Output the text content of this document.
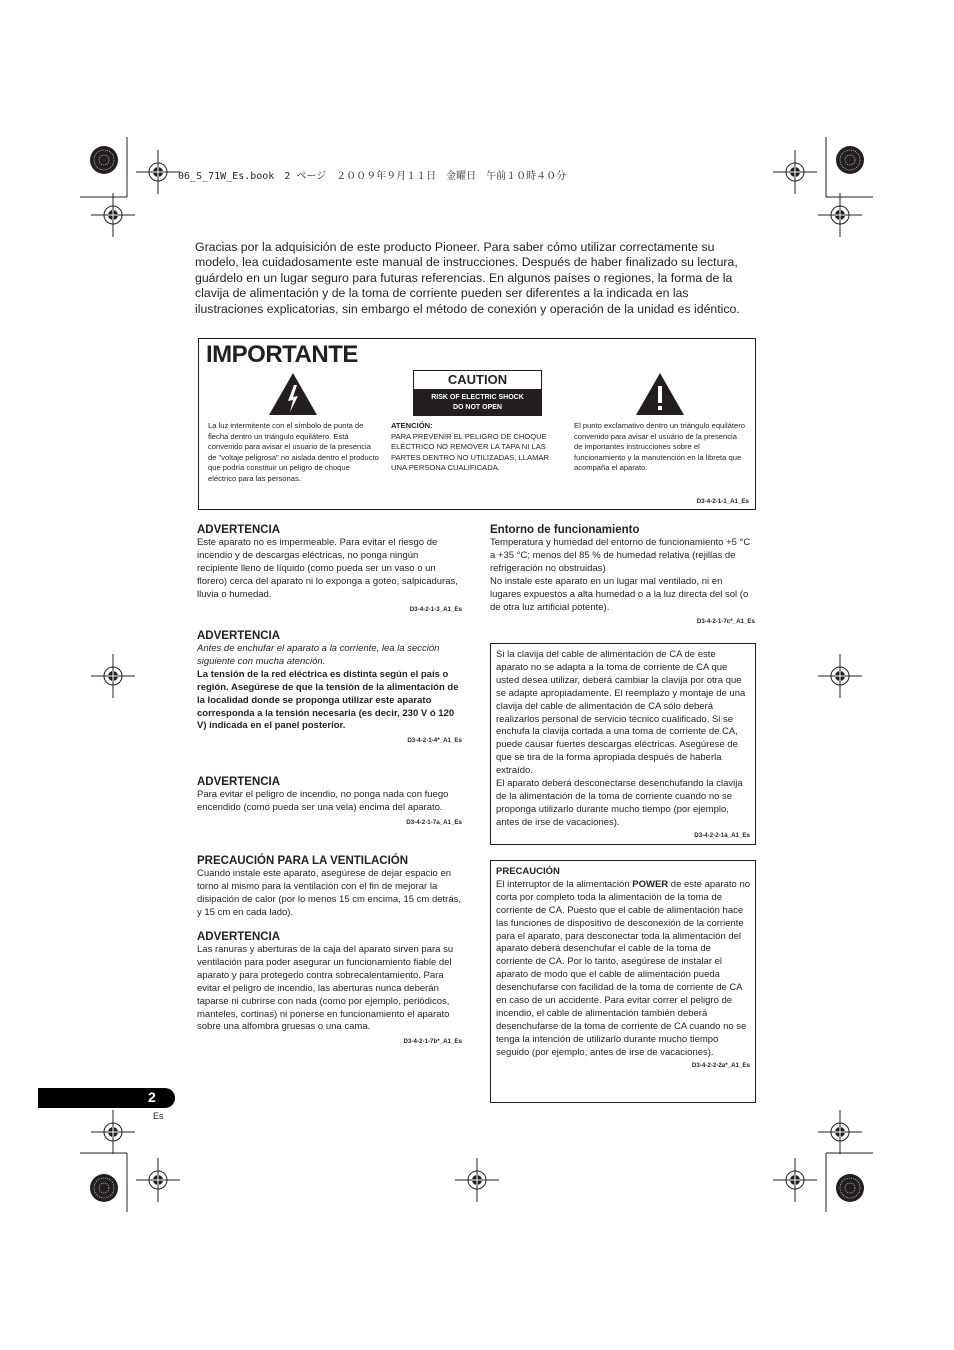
06_S_71W_Es.book　2 ページ　２００９年９月１１日　金曜日　午前１０時４０分
Gracias por la adquisición de este producto Pioneer. Para saber cómo utilizar correctamente su modelo, lea cuidadosamente este manual de instrucciones. Después de haber finalizado su lectura, guárdelo en un lugar seguro para futuras referencias. En algunos países o regiones, la forma de la clavija de alimentación y de la toma de corriente pueden ser diferentes a la indicada en las ilustraciones explicatorias, sin embargo el método de conexión y operación de la unidad es idéntico.
IMPORTANTE
CAUTION
RISK OF ELECTRIC SHOCK
DO NOT OPEN
La luz intermitente con el símbolo de punta de flecha dentro un triángulo equilátero. Está convenido para avisar el usuario de la presencia de "voltaje peligrosa" no aislada dentro el producto que podría constituir un peligro de choque eléctrico para las personas.
ATENCIÓN:
PARA PREVENIR EL PELIGRO DE CHOQUE ELÉCTRICO NO REMOVER LA TAPA NI LAS PARTES DENTRO NO UTILIZADAS, LLAMAR UNA PERSONA CUALIFICADA.
El punto exclamativo dentro un triángulo equilátero convenido para avisar el usuário de la presencia de importantes instrucciones sobre el funcionamiento y la manutención en la libreta que acompaña el aparato.
D3-4-2-1-1_A1_Es
ADVERTENCIA

Este aparato no es impermeable. Para evitar el riesgo de incendio y de descargas eléctricas, no ponga ningún recipiente lleno de líquido (como pueda ser un vaso o un florero) cerca del aparato ni lo exponga a goteo, salpicaduras, lluvia o humedad.

D3-4-2-1-3_A1_Es
ADVERTENCIA

Antes de enchufar el aparato a la corriente, lea la sección siguiente con mucha atención.

La tensión de la red eléctrica es distinta según el país o región. Asegúrese de que la tensión de la alimentación de la localidad donde se proponga utilizar este aparato corresponda a la tensión necesaria (es decir, 230 V ó 120 V) indicada en el panel posterior.

D3-4-2-1-4*_A1_Es
ADVERTENCIA

Para evitar el peligro de incendio, no ponga nada con fuego encendido (como pueda ser una vela) encima del aparato.

D3-4-2-1-7a_A1_Es
PRECAUCIÓN PARA LA VENTILACIÓN

Cuando instale este aparato, asegúrese de dejar espacio en torno al mismo para la ventilación con el fin de mejorar la disipación de calor (por lo menos 15 cm encima, 15 cm detrás, y 15 cm en cada lado).

ADVERTENCIA

Las ranuras y aberturas de la caja del aparato sirven para su ventilación para poder asegurar un funcionamiento fiable del aparato y para protegerlo contra sobrecalentamiento. Para evitar el peligro de incendio, las aberturas nunca deberán taparse ni cubrirse con nada (como por ejemplo, periódicos, manteles, cortinas) ni ponerse en funcionamiento el aparato sobre una alfombra gruesas o una cama.

D3-4-2-1-7b*_A1_Es
Entorno de funcionamiento

Temperatura y humedad del entorno de funcionamiento +5 °C a +35 °C; menos del 85 % de humedad relativa (rejillas de refrigeración no obstruidas)

No instale este aparato en un lugar mal ventilado, ni en lugares expuestos a alta humedad o a la luz directa del sol (o de otra luz artificial potente).

D3-4-2-1-7c*_A1_Es

Si la clavija del cable de alimentación de CA de este aparato no se adapta a la toma de corriente de CA que usted desea utilizar, deberá cambiar la clavija por otra que se adapte apropiadamente. El reemplazo y montaje de una clavija del cable de alimentación de CA sólo deberá realizarlos personal de servicio técnico cualificado. Si se enchufa la clavija cortada a una toma de corriente de CA, puede causar fuertes descargas eléctricas. Asegúrese de que se tira de la forma apropiada después de haberla extraído.

El aparato deberá desconectarse desenchufando la clavija de la alimentación de la toma de corriente cuando no se proponga utilizarlo durante mucho tiempo (por ejemplo, antes de irse de vacaciones).

D3-4-2-2-1a_A1_Es
PRECAUCIÓN

El interruptor de la alimentación POWER de este aparato no corta por completo toda la alimentación de la toma de corriente de CA. Puesto que el cable de alimentación hace las funciones de dispositivo de desconexión de la corriente para el aparato, para desconectar toda la alimentación del aparato deberá desenchufar el cable de la toma de corriente de CA. Por lo tanto, asegúrese de instalar el aparato de modo que el cable de alimentación pueda desenchufarse con facilidad de la toma de corriente de CA en caso de un accidente. Para evitar correr el peligro de incendio, el cable de alimentación también deberá desenchufarse de la toma de corriente de CA cuando no se tenga la intención de utilizarlo durante mucho tiempo seguido (por ejemplo, antes de irse de vacaciones).

D3-4-2-2-2a*_A1_Es
2
Es
